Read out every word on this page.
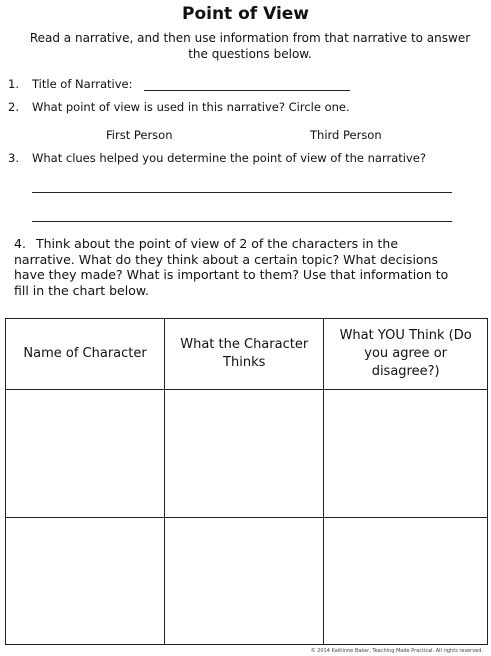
Point of View
Read a narrative, and then use information from that narrative to answer the questions below.
1. Title of Narrative:
2. What point of view is used in this narrative? Circle one.
First Person	Third Person
3. What clues helped you determine the point of view of the narrative?
4. Think about the point of view of 2 of the characters in the narrative. What do they think about a certain topic? What decisions have they made? What is important to them? Use that information to fill in the chart below.
Name of Character	What the Character Thinks	What YOU Think (Do you agree or disagree?)

© 2014 Kaitlinne Baker, Teaching Made Practical. All rights reserved.
